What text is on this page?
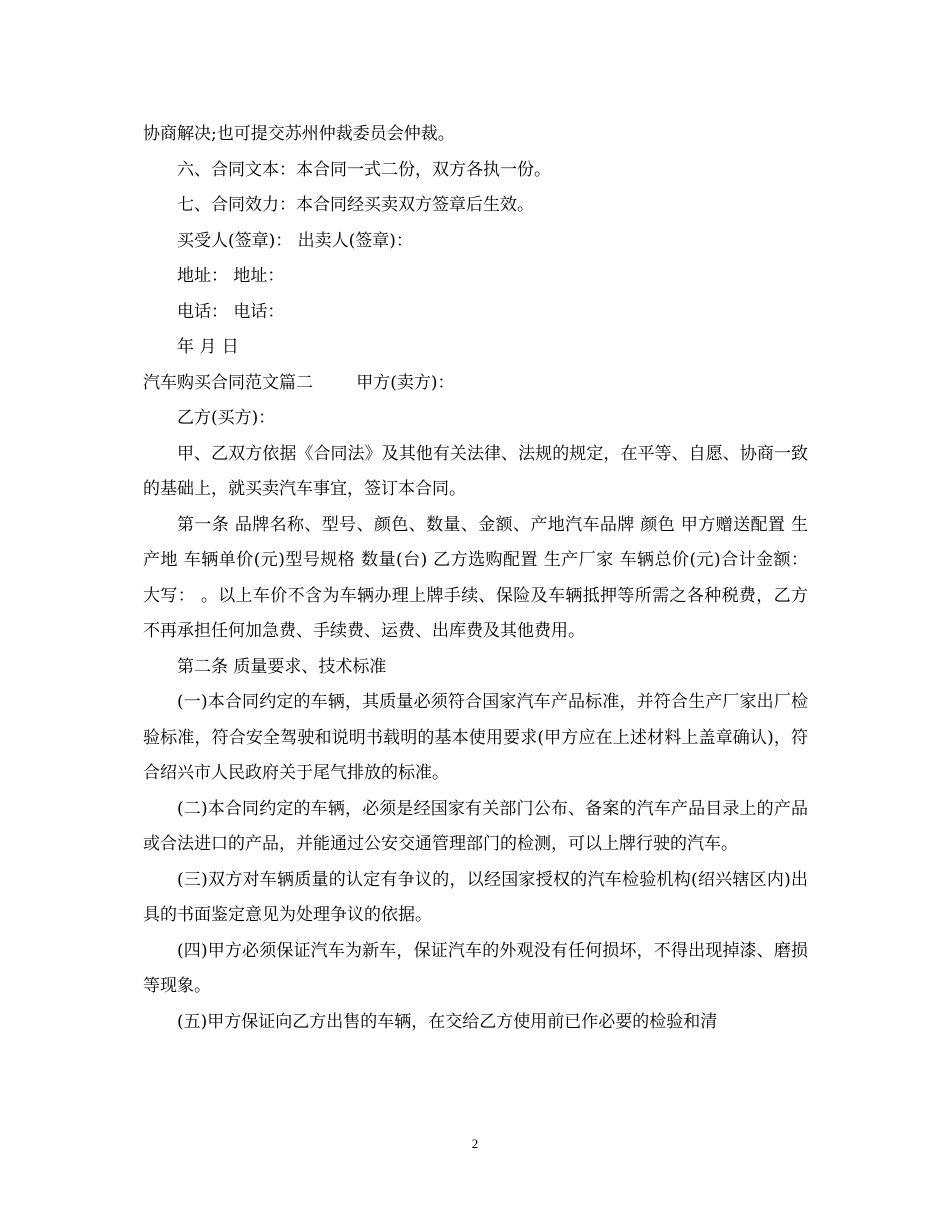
协商解决;也可提交苏州仲裁委员会仲裁。

六、合同文本：本合同一式二份，双方各执一份。

七、合同效力：本合同经买卖双方签章后生效。

买受人(签章)： 出卖人(签章)：

地址： 地址：

电话： 电话：

年 月 日

汽车购买合同范文篇二        甲方(卖方)：

乙方(买方)：

甲、乙双方依据《合同法》及其他有关法律、法规的规定，在平等、自愿、协商一致的基础上，就买卖汽车事宜，签订本合同。

第一条 品牌名称、型号、颜色、数量、金额、产地汽车品牌 颜色 甲方赠送配置 生产地 车辆单价(元)型号规格 数量(台) 乙方选购配置 生产厂家 车辆总价(元)合计金额： 大写： 。以上车价不含为车辆办理上牌手续、保险及车辆抵押等所需之各种税费，乙方不再承担任何加急费、手续费、运费、出库费及其他费用。

第二条 质量要求、技术标准

(一)本合同约定的车辆，其质量必须符合国家汽车产品标准，并符合生产厂家出厂检验标准，符合安全驾驶和说明书载明的基本使用要求(甲方应在上述材料上盖章确认)，符合绍兴市人民政府关于尾气排放的标准。

(二)本合同约定的车辆，必须是经国家有关部门公布、备案的汽车产品目录上的产品或合法进口的产品，并能通过公安交通管理部门的检测，可以上牌行驶的汽车。

(三)双方对车辆质量的认定有争议的，以经国家授权的汽车检验机构(绍兴辖区内)出具的书面鉴定意见为处理争议的依据。

(四)甲方必须保证汽车为新车，保证汽车的外观没有任何损坏，不得出现掉漆、磨损等现象。

(五)甲方保证向乙方出售的车辆，在交给乙方使用前已作必要的检验和清

2
